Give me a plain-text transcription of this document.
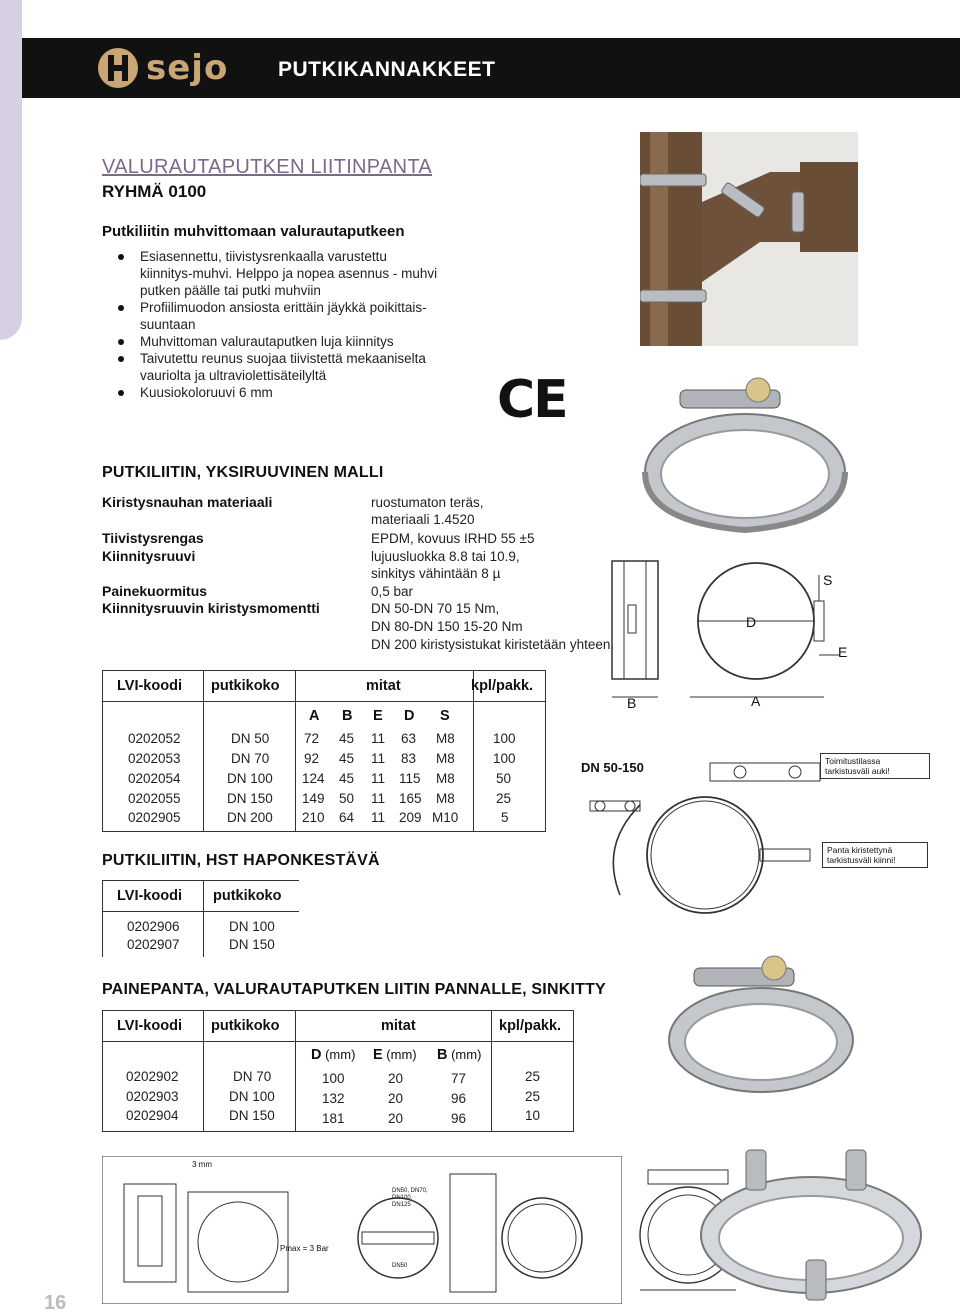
sejo PUTKIKANNAKKEET
VALURAUTAPUTKEN LIITINPANTA
RYHMÄ 0100
Putkiliitin muhvittomaan valurautaputkeen
Esiasennettu, tiivistysrenkaalla varustettu kiinnitys-muhvi. Helppo ja nopea asennus - muhvi putken päälle tai putki muhviin
Profiilimuodon ansiosta erittäin jäykkä poikittais-suuntaan
Muhvittoman valurautaputken luja kiinnitys
Taivutettu reunus suojaa tiivistettä mekaaniselta vauriolta ja ultraviolettisäteilyltä
Kuusiokoloruuvi 6 mm	CE
PUTKILIITIN, YKSIRUUVINEN MALLI
Kiristysnauhan materiaali	ruostumaton teräs,
materiaali 1.4520
Tiivistysrengas	EPDM, kovuus IRHD 55 ±5
Kiinnitysruuvi	lujuusluokka 8.8 tai 10.9,
sinkitys vähintään 8 µ
Painekuormitus	0,5 bar
Kiinnitysruuvin kiristysmomentti	DN 50-DN 70 15 Nm,
DN 80-DN 150 15-20 Nm
DN 200 kiristysistukat kiristetään yhteen.
LVI-koodi putkikoko	mitat	kpl/pakk.
A B E D S
0202052	DN 50	72 45 11 63 M8	100
0202053	DN 70	92 45 11 83 M8	100
0202054	DN 100 124 45 11 115 M8	50
0202055	DN 150 149 50 11 165 M8	25
0202905	DN 200 210 64 11 209 M10	5
S
D
E
B	A
DN 50-150	Toimitustilassa tarkistusväli auki!
Panta kiristettynä tarkistusväli kiinni!
PUTKILIITIN, HST HAPONKESTÄVÄ
LVI-koodi putkikoko
0202906	DN 100
0202907	DN 150
PAINEPANTA, VALURAUTAPUTKEN LIITIN PANNALLE, SINKITTY
LVI-koodi putkikoko	mitat	kpl/pakk.
D (mm) E (mm) B (mm)
0202902	DN 70	100	20	77	25
0202903	DN 100	132	20	96	25
0202904	DN 150	181	20	96	10
3 mm
Pmax = 3 Bar
DN50, DN70, DN100, DN125
DN50
16
